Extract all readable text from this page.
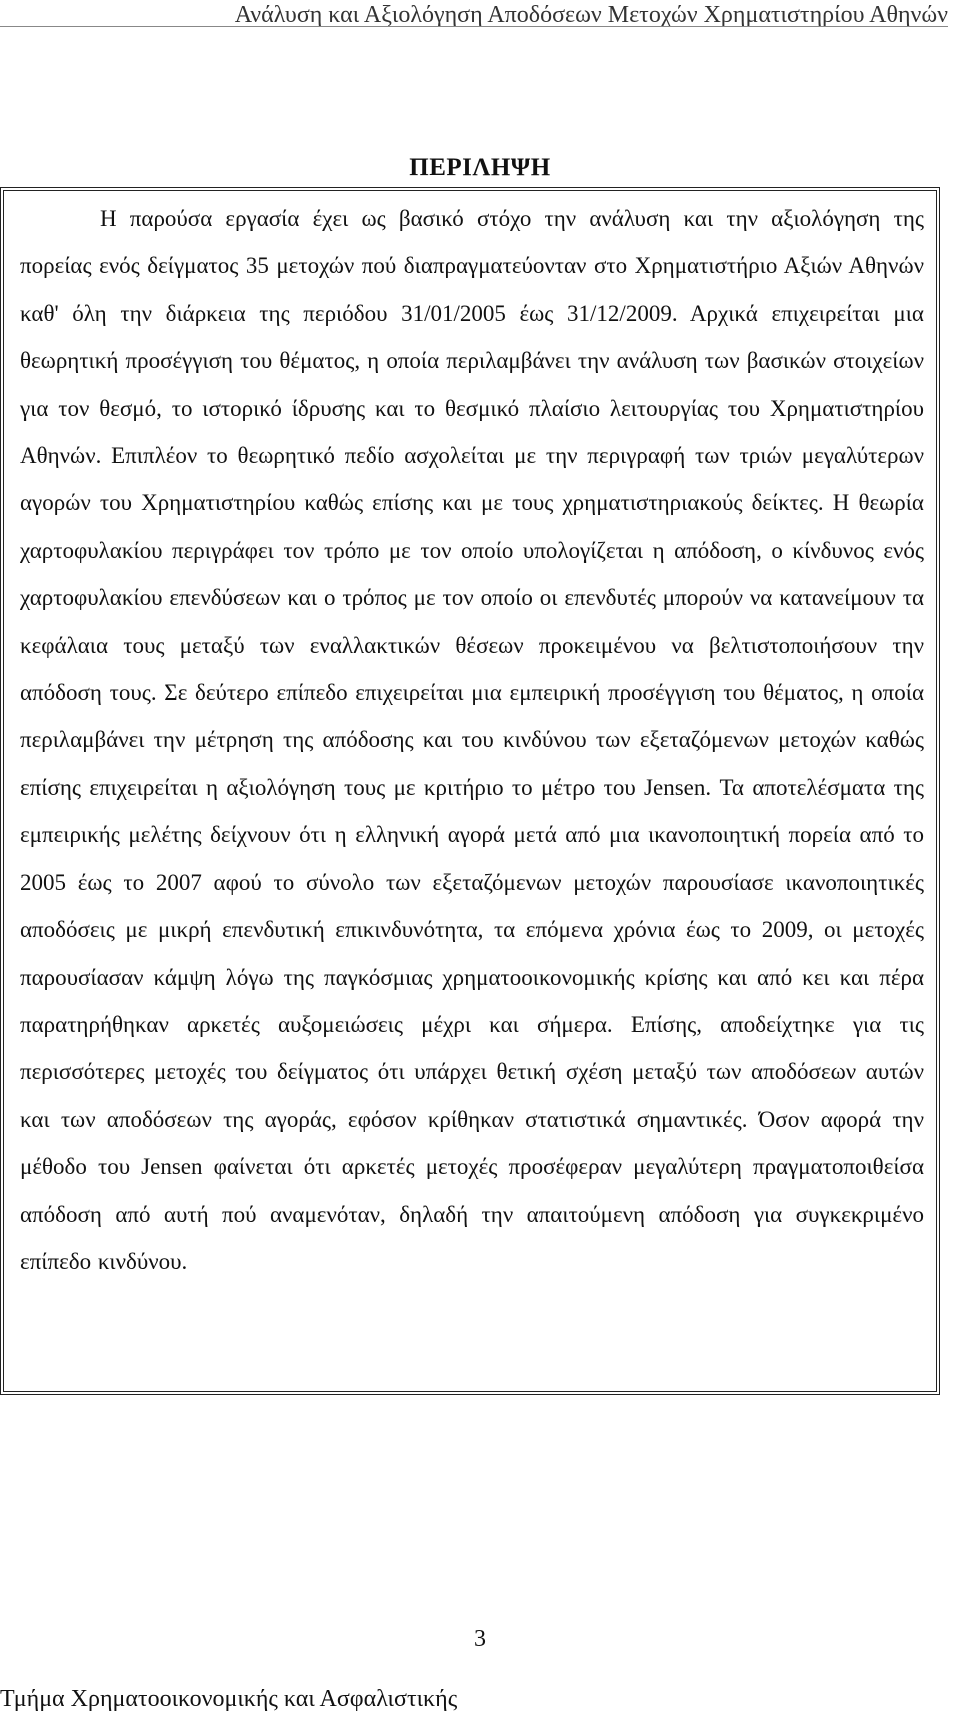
Ανάλυση και Αξιολόγηση Αποδόσεων Μετοχών Χρηματιστηρίου Αθηνών
ΠΕΡΙΛΗΨΗ

Η παρούσα εργασία έχει ως βασικό στόχο την ανάλυση και την αξιολόγηση της πορείας ενός δείγματος 35 μετοχών πού διαπραγματεύονταν στο Χρηματιστήριο Αξιών Αθηνών καθ' όλη την διάρκεια της περιόδου 31/01/2005 έως 31/12/2009. Αρχικά επιχειρείται μια θεωρητική προσέγγιση του θέματος, η οποία περιλαμβάνει την ανάλυση των βασικών στοιχείων για τον θεσμό, το ιστορικό ίδρυσης και το θεσμικό πλαίσιο λειτουργίας του Χρηματιστηρίου Αθηνών. Επιπλέον το θεωρητικό πεδίο ασχολείται με την περιγραφή των τριών μεγαλύτερων αγορών του Χρηματιστηρίου καθώς επίσης και με τους χρηματιστηριακούς δείκτες. Η θεωρία χαρτοφυλακίου περιγράφει τον τρόπο με τον οποίο υπολογίζεται η απόδοση, ο κίνδυνος ενός χαρτοφυλακίου επενδύσεων και ο τρόπος με τον οποίο οι επενδυτές μπορούν να κατανείμουν τα κεφάλαια τους μεταξύ των εναλλακτικών θέσεων προκειμένου να βελτιστοποιήσουν την απόδοση τους. Σε δεύτερο επίπεδο επιχειρείται μια εμπειρική προσέγγιση του θέματος, η οποία περιλαμβάνει την μέτρηση της απόδοσης και του κινδύνου των εξεταζόμενων μετοχών καθώς επίσης επιχειρείται η αξιολόγηση τους με κριτήριο το μέτρο του Jensen. Τα αποτελέσματα της εμπειρικής μελέτης δείχνουν ότι η ελληνική αγορά μετά από μια ικανοποιητική πορεία από το 2005 έως το 2007 αφού το σύνολο των εξεταζόμενων μετοχών παρουσίασε ικανοποιητικές αποδόσεις με μικρή επενδυτική επικινδυνότητα, τα επόμενα χρόνια έως το 2009, οι μετοχές παρουσίασαν κάμψη λόγω της παγκόσμιας χρηματοοικονομικής κρίσης και από κει και πέρα παρατηρήθηκαν αρκετές αυξομειώσεις μέχρι και σήμερα. Επίσης, αποδείχτηκε για τις περισσότερες μετοχές του δείγματος ότι υπάρχει θετική σχέση μεταξύ των αποδόσεων αυτών και των αποδόσεων της αγοράς, εφόσον κρίθηκαν στατιστικά σημαντικές. Όσον αφορά την μέθοδο του Jensen φαίνεται ότι αρκετές μετοχές προσέφεραν μεγαλύτερη πραγματοποιθείσα απόδοση από αυτή πού αναμενόταν, δηλαδή την απαιτούμενη απόδοση για συγκεκριμένο επίπεδο κινδύνου.

3
Τμήμα Χρηματοοικονομικής και Ασφαλιστικής
